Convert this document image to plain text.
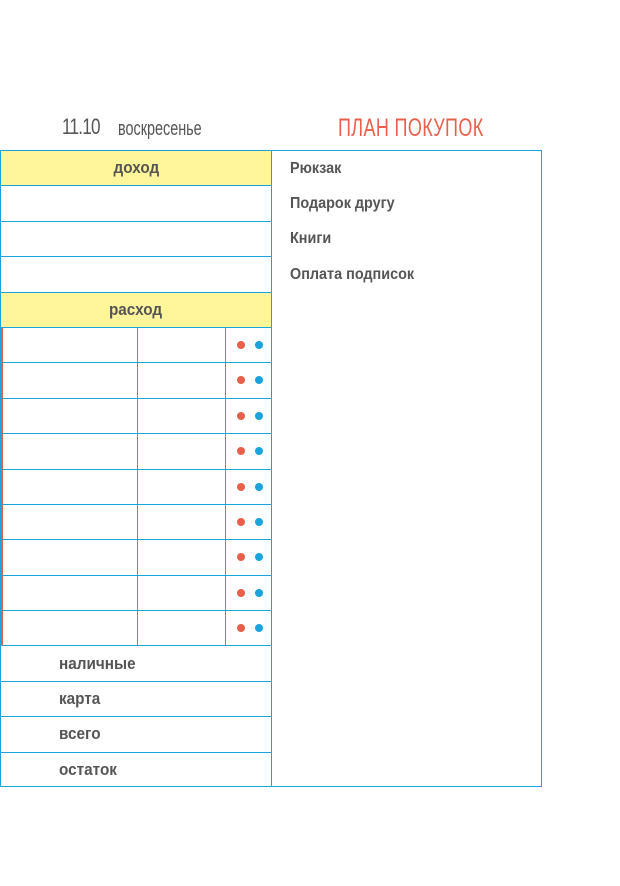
11.10 воскресенье	ПЛАН ПОКУПОК
доход
расход
наличные
карта
всего
остаток
Рюкзак
Подарок другу
Книги
Оплата подписок
